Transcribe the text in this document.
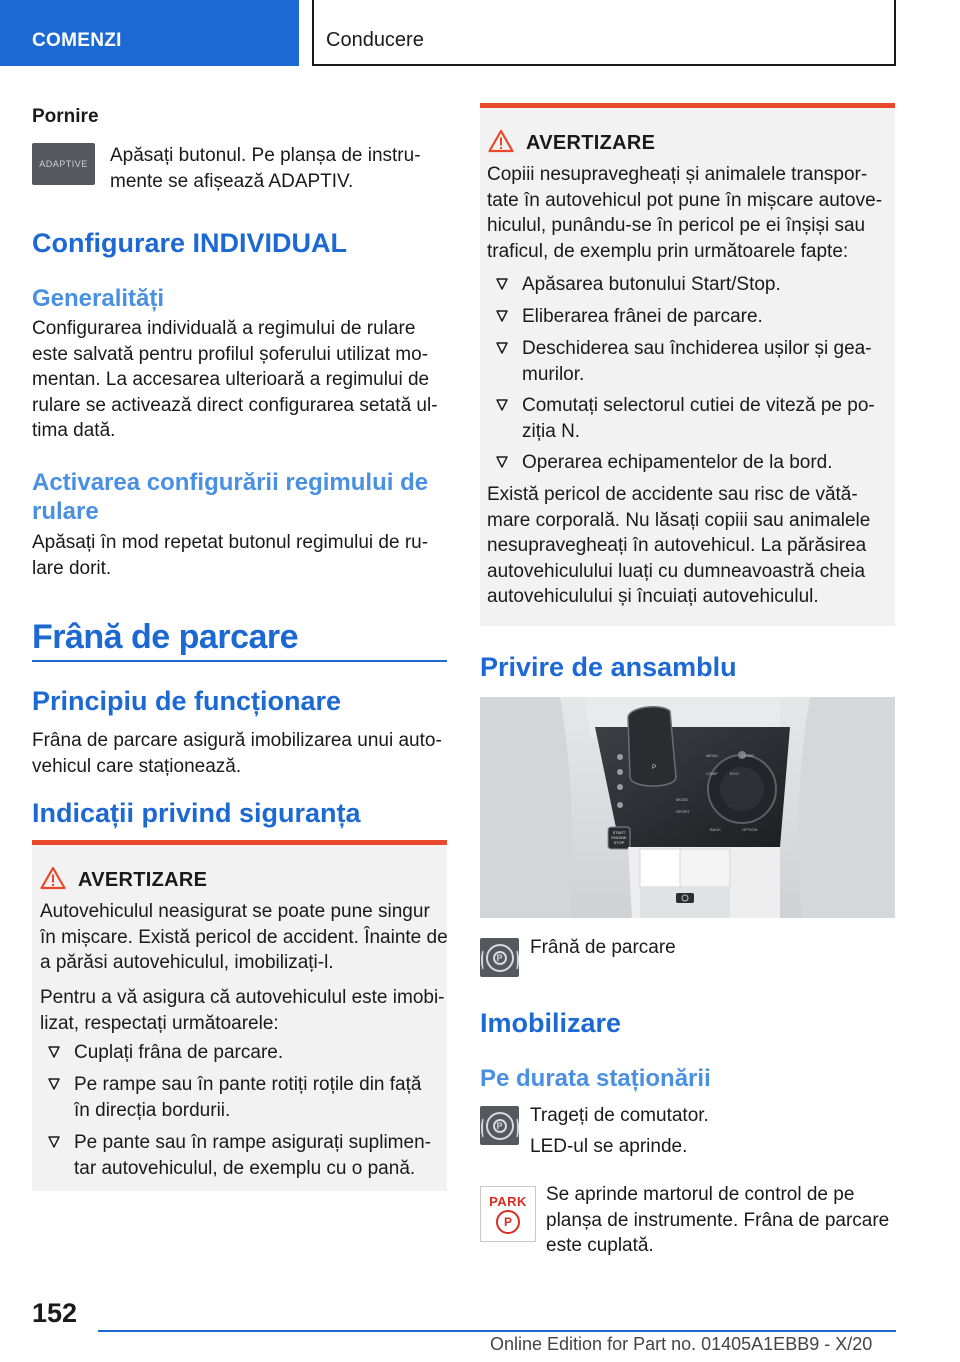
COMENZI	Conducere
Pornire
ADAPTIVE Apăsați butonul. Pe planșa de instru-
mente se afișează ADAPTIV.
Configurare INDIVIDUAL
Generalități
Configurarea individuală a regimului de rulare
este salvată pentru profilul șoferului utilizat mo-
mentan. La accesarea ulterioară a regimului de
rulare se activează direct configurarea setată ul-
tima dată.
Activarea configurării regimului de
rulare
Apăsați în mod repetat butonul regimului de ru-
lare dorit.
Frână de parcare
Principiu de funcționare
Frâna de parcare asigură imobilizarea unui auto-
vehicul care staționează.
Indicații privind siguranța
AVERTIZARE
Autovehiculul neasigurat se poate pune singur
în mișcare. Există pericol de accident. Înainte de
a părăsi autovehiculul, imobilizați-l.
Pentru a vă asigura că autovehiculul este imobi-
lizat, respectați următoarele:
Cuplați frâna de parcare.
Pe rampe sau în pante rotiți roțile din față
în direcția bordurii.
Pe pante sau în rampe asigurați suplimen-
tar autovehiculul, de exemplu cu o pană.
AVERTIZARE
Copiii nesupravegheați și animalele transpor-
tate în autovehicul pot pune în mișcare autove-
hiculul, punându-se în pericol pe ei înșiși sau
traficul, de exemplu prin următoarele fapte:
Apăsarea butonului Start/Stop.
Eliberarea frânei de parcare.
Deschiderea sau închiderea ușilor și gea-
murilor.
Comutați selectorul cutiei de viteză pe po-
ziția N.
Operarea echipamentelor de la bord.
Există pericol de accidente sau risc de vătă-
mare corporală. Nu lăsați copiii sau animalele
nesupravegheați în autovehicul. La părăsirea
autovehiculului luați cu dumneavoastră cheia
autovehiculului și încuiați autovehiculul.
Privire de ansamblu
P
START
ENGINE
STOP
MENU	HOME
COMF	ECO
MODE
SPORT
BACK	OPTION
P Frână de parcare
Imobilizare
Pe durata staționării
P Trageți de comutator.
LED-ul se aprinde.
PARK
P
Se aprinde martorul de control de pe
planșa de instrumente. Frâna de parcare
este cuplată.
152
Online Edition for Part no. 01405A1EBB9 - X/20
